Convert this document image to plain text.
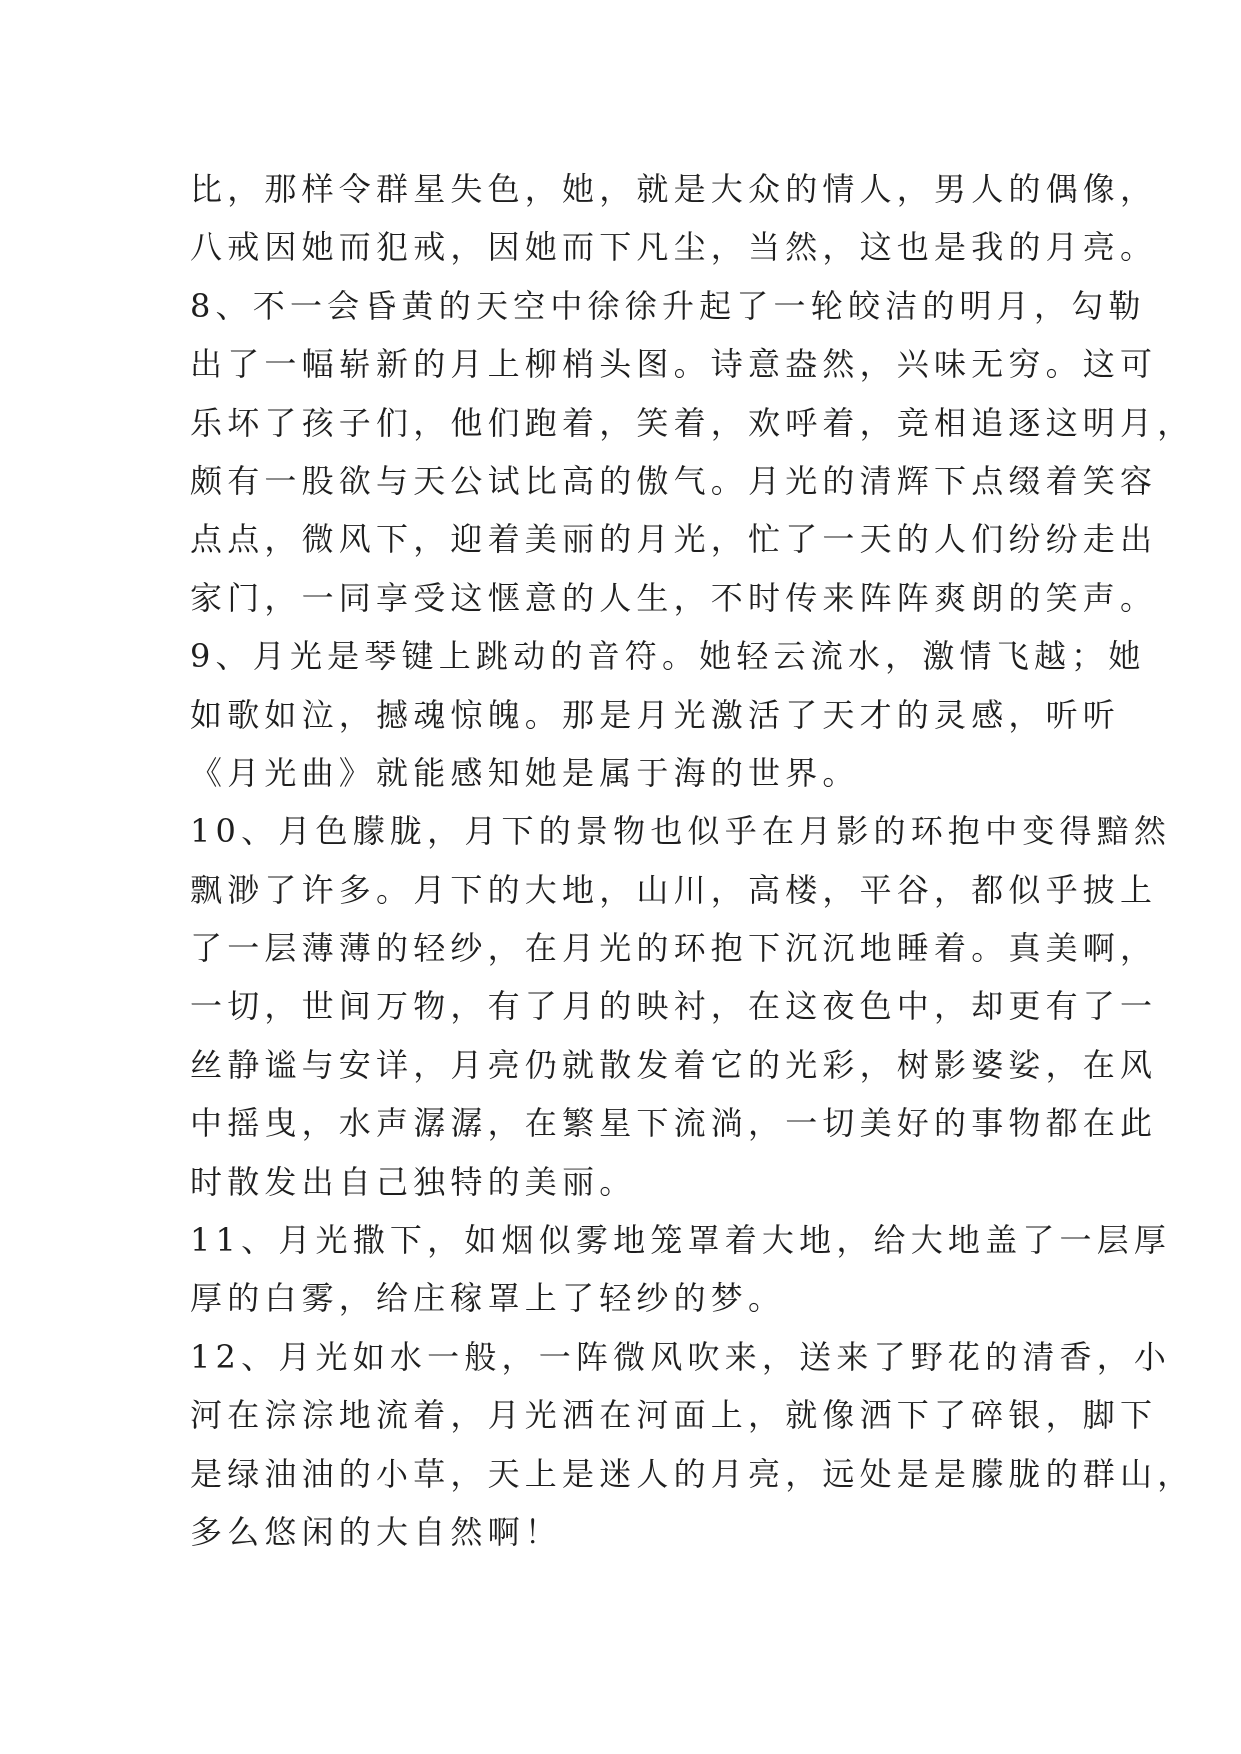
比，那样令群星失色，她，就是大众的情人，男人的偶像，
八戒因她而犯戒，因她而下凡尘，当然，这也是我的月亮。
8、不一会昏黄的天空中徐徐升起了一轮皎洁的明月，勾勒
出了一幅崭新的月上柳梢头图。诗意盎然，兴味无穷。这可
乐坏了孩子们，他们跑着，笑着，欢呼着，竞相追逐这明月，
颇有一股欲与天公试比高的傲气。月光的清辉下点缀着笑容
点点，微风下，迎着美丽的月光，忙了一天的人们纷纷走出
家门，一同享受这惬意的人生，不时传来阵阵爽朗的笑声。
9、月光是琴键上跳动的音符。她轻云流水，激情飞越；她
如歌如泣，撼魂惊魄。那是月光激活了天才的灵感，听听
《月光曲》就能感知她是属于海的世界。
10、月色朦胧，月下的景物也似乎在月影的环抱中变得黯然
飘渺了许多。月下的大地，山川，高楼，平谷，都似乎披上
了一层薄薄的轻纱，在月光的环抱下沉沉地睡着。真美啊，
一切，世间万物，有了月的映衬，在这夜色中，却更有了一
丝静谧与安详，月亮仍就散发着它的光彩，树影婆娑，在风
中摇曳，水声潺潺，在繁星下流淌，一切美好的事物都在此
时散发出自己独特的美丽。
11、月光撒下，如烟似雾地笼罩着大地，给大地盖了一层厚
厚的白雾，给庄稼罩上了轻纱的梦。
12、月光如水一般，一阵微风吹来，送来了野花的清香，小
河在淙淙地流着，月光洒在河面上，就像洒下了碎银，脚下
是绿油油的小草，天上是迷人的月亮，远处是是朦胧的群山，
多么悠闲的大自然啊！
